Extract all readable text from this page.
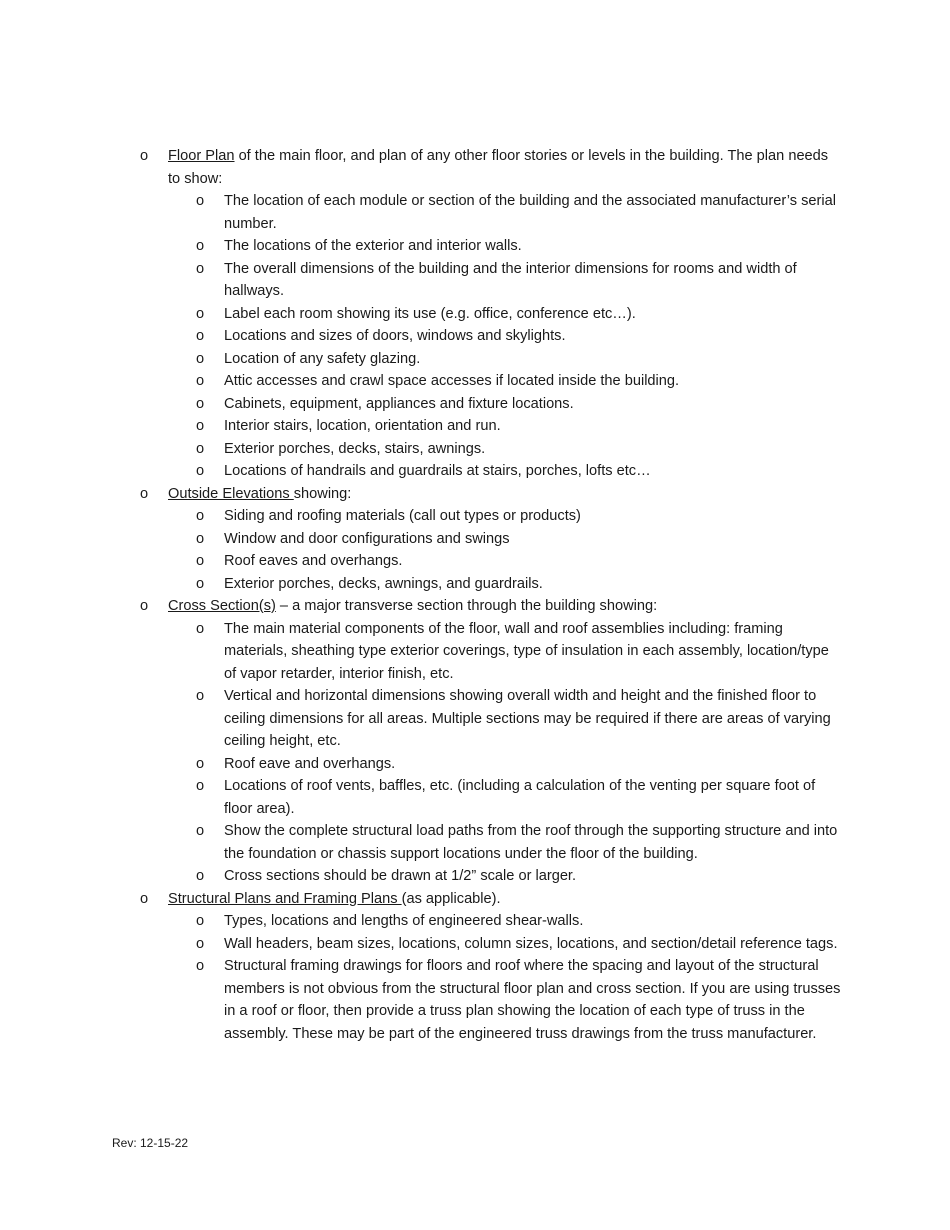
o Floor Plan of the main floor, and plan of any other floor stories or levels in the building. The plan needs to show:
o The location of each module or section of the building and the associated manufacturer’s serial number.
o The locations of the exterior and interior walls.
o The overall dimensions of the building and the interior dimensions for rooms and width of hallways.
o Label each room showing its use (e.g. office, conference etc…).
o Locations and sizes of doors, windows and skylights.
o Location of any safety glazing.
o Attic accesses and crawl space accesses if located inside the building.
o Cabinets, equipment, appliances and fixture locations.
o Interior stairs, location, orientation and run.
o Exterior porches, decks, stairs, awnings.
o Locations of handrails and guardrails at stairs, porches, lofts etc…
o Outside Elevations showing:
o Siding and roofing materials (call out types or products)
o Window and door configurations and swings
o Roof eaves and overhangs.
o Exterior porches, decks, awnings, and guardrails.
o Cross Section(s) – a major transverse section through the building showing:
o The main material components of the floor, wall and roof assemblies including: framing materials, sheathing type exterior coverings, type of insulation in each assembly, location/type of vapor retarder, interior finish, etc.
o Vertical and horizontal dimensions showing overall width and height and the finished floor to ceiling dimensions for all areas. Multiple sections may be required if there are areas of varying ceiling height, etc.
o Roof eave and overhangs.
o Locations of roof vents, baffles, etc. (including a calculation of the venting per square foot of floor area).
o Show the complete structural load paths from the roof through the supporting structure and into the foundation or chassis support locations under the floor of the building.
o Cross sections should be drawn at 1/2” scale or larger.
o Structural Plans and Framing Plans (as applicable).
o Types, locations and lengths of engineered shear-walls.
o Wall headers, beam sizes, locations, column sizes, locations, and section/detail reference tags.
o Structural framing drawings for floors and roof where the spacing and layout of the structural members is not obvious from the structural floor plan and cross section. If you are using trusses in a roof or floor, then provide a truss plan showing the location of each type of truss in the assembly. These may be part of the engineered truss drawings from the truss manufacturer.
Rev: 12-15-22
